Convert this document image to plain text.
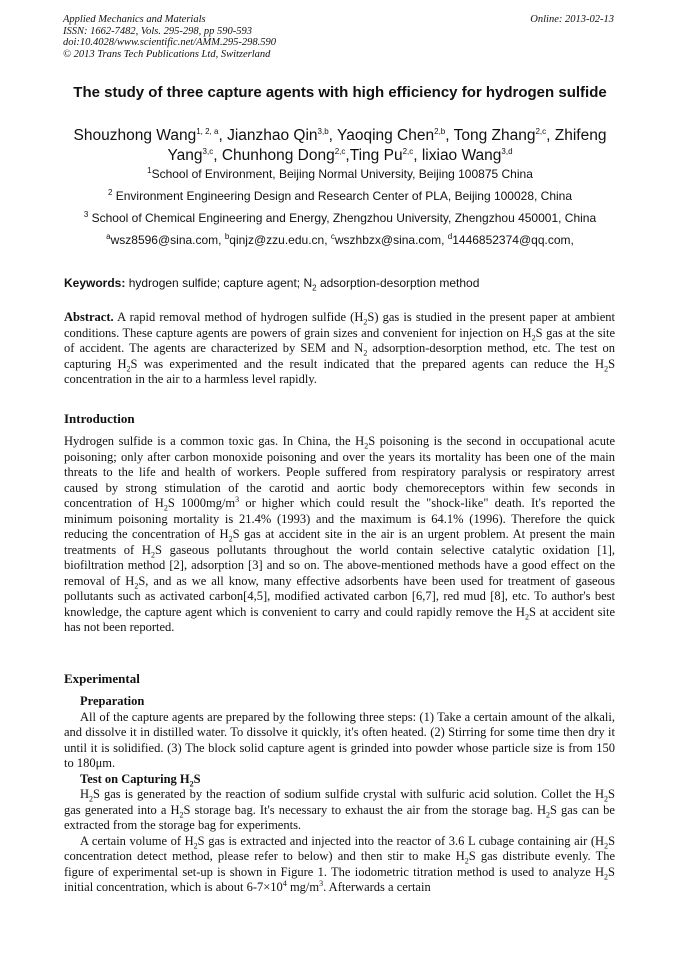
Applied Mechanics and Materials
ISSN: 1662-7482, Vols. 295-298, pp 590-593
doi:10.4028/www.scientific.net/AMM.295-298.590
© 2013 Trans Tech Publications Ltd, Switzerland
Online: 2013-02-13
The study of three capture agents with high efficiency for hydrogen sulfide
Shouzhong Wang$^{1, 2, a}$, Jianzhao Qin$^{3,b}$, Yaoqing Chen$^{2,b}$, Tong Zhang$^{2,c}$, Zhifeng Yang$^{3,c}$, Chunhong Dong$^{2,c}$,Ting Pu$^{2,c}$, lixiao Wang$^{3,d}$
$^1$School of Environment, Beijing Normal University, Beijing 100875 China
$^2$ Environment Engineering Design and Research Center of PLA, Beijing 100028, China
$^3$ School of Chemical Engineering and Energy, Zhengzhou University, Zhengzhou 450001, China
$^a$wsz8596@sina.com, $^b$qinjz@zzu.edu.cn, $^c$wszhbzx@sina.com, $^d$1446852374@qq.com,
Keywords: hydrogen sulfide; capture agent; $N_2$ adsorption-desorption method
Abstract. A rapid removal method of hydrogen sulfide $(H_2S)$ gas is studied in the present paper at ambient conditions. These capture agents are powers of grain sizes and convenient for injection on $H_2S$ gas at the site of accident. The agents are characterized by SEM and $N_2$ adsorption-desorption method, etc. The test on capturing $H_2S$ was experimented and the result indicated that the prepared agents can reduce the $H_2S$ concentration in the air to a harmless level rapidly.
Introduction
Hydrogen sulfide is a common toxic gas. In China, the $H_2S$ poisoning is the second in occupational acute poisoning; only after carbon monoxide poisoning and over the years its mortality has been one of the main threats to the life and health of workers. People suffered from respiratory paralysis or respiratory arrest caused by strong stimulation of the carotid and aortic body chemoreceptors within few seconds in concentration of $H_2S$ $1000mg/m^3$ or higher which could result the "shock-like" death. It's reported the minimum poisoning mortality is 21.4% (1993) and the maximum is 64.1% (1996). Therefore the quick reducing the concentration of $H_2S$ gas at accident site in the air is an urgent problem. At present the main treatments of $H_2S$ gaseous pollutants throughout the world contain selective catalytic oxidation [1], biofiltration method [2], adsorption [3] and so on. The above-mentioned methods have a good effect on the removal of $H_2S$, and as we all know, many effective adsorbents have been used for treatment of gaseous pollutants such as activated carbon[4,5], modified activated carbon [6,7], red mud [8], etc. To author's best knowledge, the capture agent which is convenient to carry and could rapidly remove the $H_2S$ at accident site has not been reported.
Experimental

Preparation

All of the capture agents are prepared by the following three steps: (1) Take a certain amount of the alkali, and dissolve it in distilled water. To dissolve it quickly, it's often heated. (2) Stirring for some time then dry it until it is solidified. (3) The block solid capture agent is grinded into powder whose particle size is from 150 to 180μm.

Test on Capturing $H_2S$

$H_2S$ gas is generated by the reaction of sodium sulfide crystal with sulfuric acid solution. Collet the $H_2S$ gas generated into a $H_2S$ storage bag. It's necessary to exhaust the air from the storage bag. $H_2S$ gas can be extracted from the storage bag for experiments.

A certain volume of $H_2S$ gas is extracted and injected into the reactor of 3.6 L cubage containing air ($H_2S$ concentration detect method, please refer to below) and then stir to make $H_2S$ gas distribute evenly. The figure of experimental set-up is shown in Figure 1. The iodometric titration method is used to analyze $H_2S$ initial concentration, which is about $6-7\times 10^4$ $mg/m^3$. Afterwards a certain
